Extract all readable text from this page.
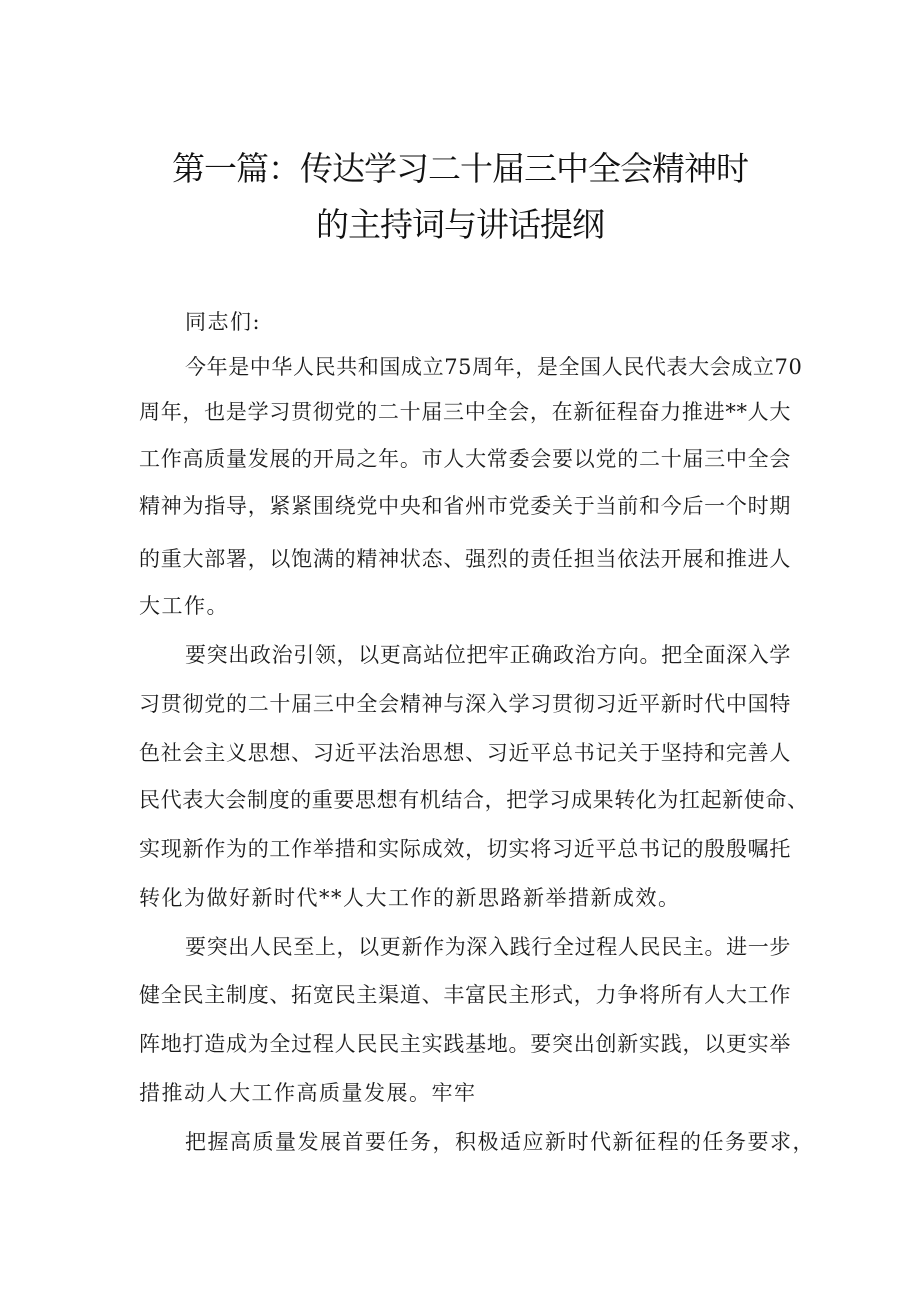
第一篇：传达学习二十届三中全会精神时
的主持词与讲话提纲
同志们:
今年是中华人民共和国成立75周年，是全国人民代表大会成立70
周年，也是学习贯彻党的二十届三中全会，在新征程奋力推进**人大
工作高质量发展的开局之年。市人大常委会要以党的二十届三中全会
精神为指导，紧紧围绕党中央和省州市党委关于当前和今后一个时期
的重大部署，以饱满的精神状态、强烈的责任担当依法开展和推进人
大工作。
要突出政治引领，以更高站位把牢正确政治方向。把全面深入学
习贯彻党的二十届三中全会精神与深入学习贯彻习近平新时代中国特
色社会主义思想、习近平法治思想、习近平总书记关于坚持和完善人
民代表大会制度的重要思想有机结合，把学习成果转化为扛起新使命、
实现新作为的工作举措和实际成效，切实将习近平总书记的殷殷嘱托
转化为做好新时代**人大工作的新思路新举措新成效。
要突出人民至上，以更新作为深入践行全过程人民民主。进一步
健全民主制度、拓宽民主渠道、丰富民主形式，力争将所有人大工作
阵地打造成为全过程人民民主实践基地。要突出创新实践，以更实举
措推动人大工作高质量发展。牢牢
把握高质量发展首要任务，积极适应新时代新征程的任务要求，
